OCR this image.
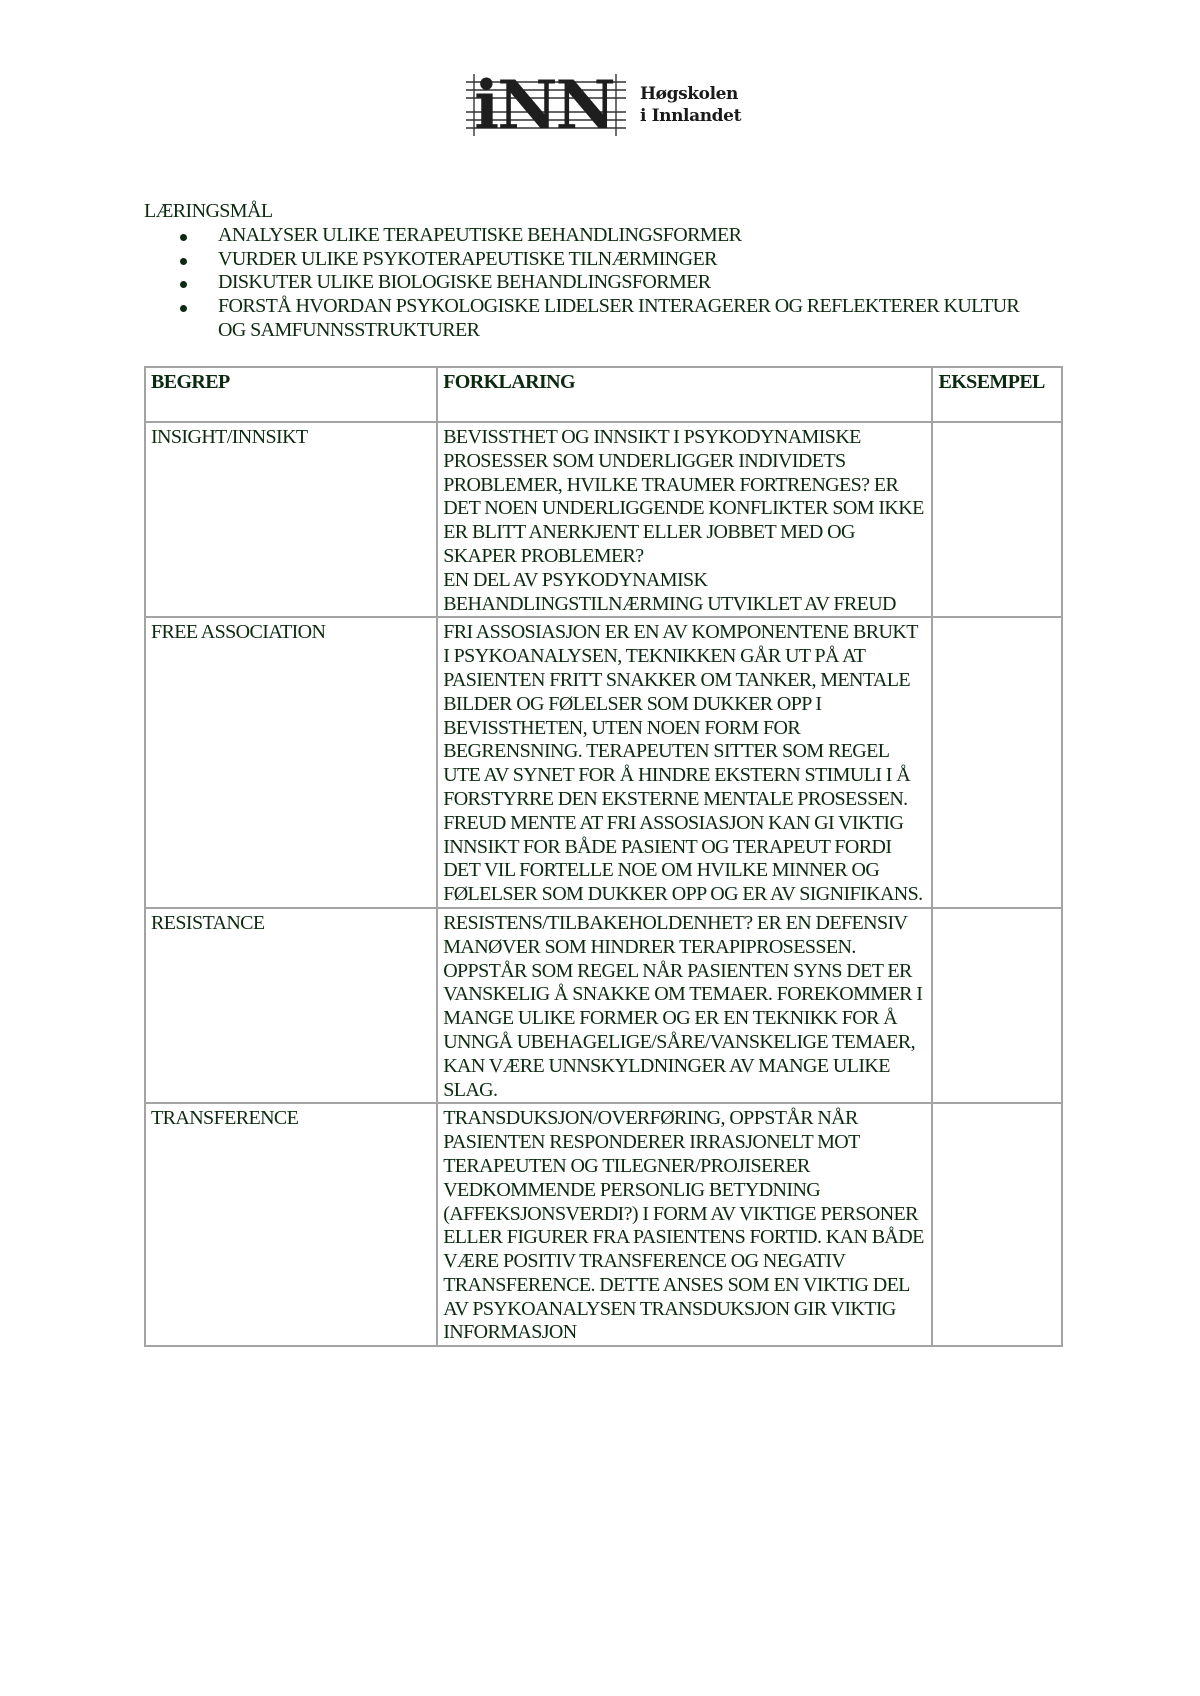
iNN Høgskolen
i Innlandet
LÆRINGSMÅL
ANALYSER ULIKE TERAPEUTISKE BEHANDLINGSFORMER
VURDER ULIKE PSYKOTERAPEUTISKE TILNÆRMINGER
DISKUTER ULIKE BIOLOGISKE BEHANDLINGSFORMER
FORSTÅ HVORDAN PSYKOLOGISKE LIDELSER INTERAGERER OG REFLEKTERER KULTUR OG SAMFUNNSSTRUKTURER
BEGREP	FORKLARING	EKSEMPEL
INSIGHT/INNSIKT	BEVISSTHET OG INNSIKT I PSYKODYNAMISKE PROSESSER SOM UNDERLIGGER INDIVIDETS PROBLEMER, HVILKE TRAUMER FORTRENGES? ER DET NOEN UNDERLIGGENDE KONFLIKTER SOM IKKE ER BLITT ANERKJENT ELLER JOBBET MED OG SKAPER PROBLEMER?
EN DEL AV PSYKODYNAMISK BEHANDLINGSTILNÆRMING UTVIKLET AV FREUD	
FREE ASSOCIATION	FRI ASSOSIASJON ER EN AV KOMPONENTENE BRUKT I PSYKOANALYSEN, TEKNIKKEN GÅR UT PÅ AT PASIENTEN FRITT SNAKKER OM TANKER, MENTALE BILDER OG FØLELSER SOM DUKKER OPP I BEVISSTHETEN, UTEN NOEN FORM FOR BEGRENSNING. TERAPEUTEN SITTER SOM REGEL UTE AV SYNET FOR Å HINDRE EKSTERN STIMULI I Å FORSTYRRE DEN EKSTERNE MENTALE PROSESSEN. FREUD MENTE AT FRI ASSOSIASJON KAN GI VIKTIG INNSIKT FOR BÅDE PASIENT OG TERAPEUT FORDI DET VIL FORTELLE NOE OM HVILKE MINNER OG FØLELSER SOM DUKKER OPP OG ER AV SIGNIFIKANS.	
RESISTANCE	RESISTENS/TILBAKEHOLDENHET? ER EN DEFENSIV MANØVER SOM HINDRER TERAPIPROSESSEN. OPPSTÅR SOM REGEL NÅR PASIENTEN SYNS DET ER VANSKELIG Å SNAKKE OM TEMAER. FOREKOMMER I MANGE ULIKE FORMER OG ER EN TEKNIKK FOR Å UNNGÅ UBEHAGELIGE/SÅRE/VANSKELIGE TEMAER, KAN VÆRE UNNSKYLDNINGER AV MANGE ULIKE SLAG.	
TRANSFERENCE	TRANSDUKSJON/OVERFØRING, OPPSTÅR NÅR PASIENTEN RESPONDERER IRRASJONELT MOT TERAPEUTEN OG TILEGNER/PROJISERER VEDKOMMENDE PERSONLIG BETYDNING (AFFEKSJONSVERDI?) I FORM AV VIKTIGE PERSONER ELLER FIGURER FRA PASIENTENS FORTID. KAN BÅDE VÆRE POSITIV TRANSFERENCE OG NEGATIV TRANSFERENCE. DETTE ANSES SOM EN VIKTIG DEL AV PSYKOANALYSEN TRANSDUKSJON GIR VIKTIG INFORMASJON	
